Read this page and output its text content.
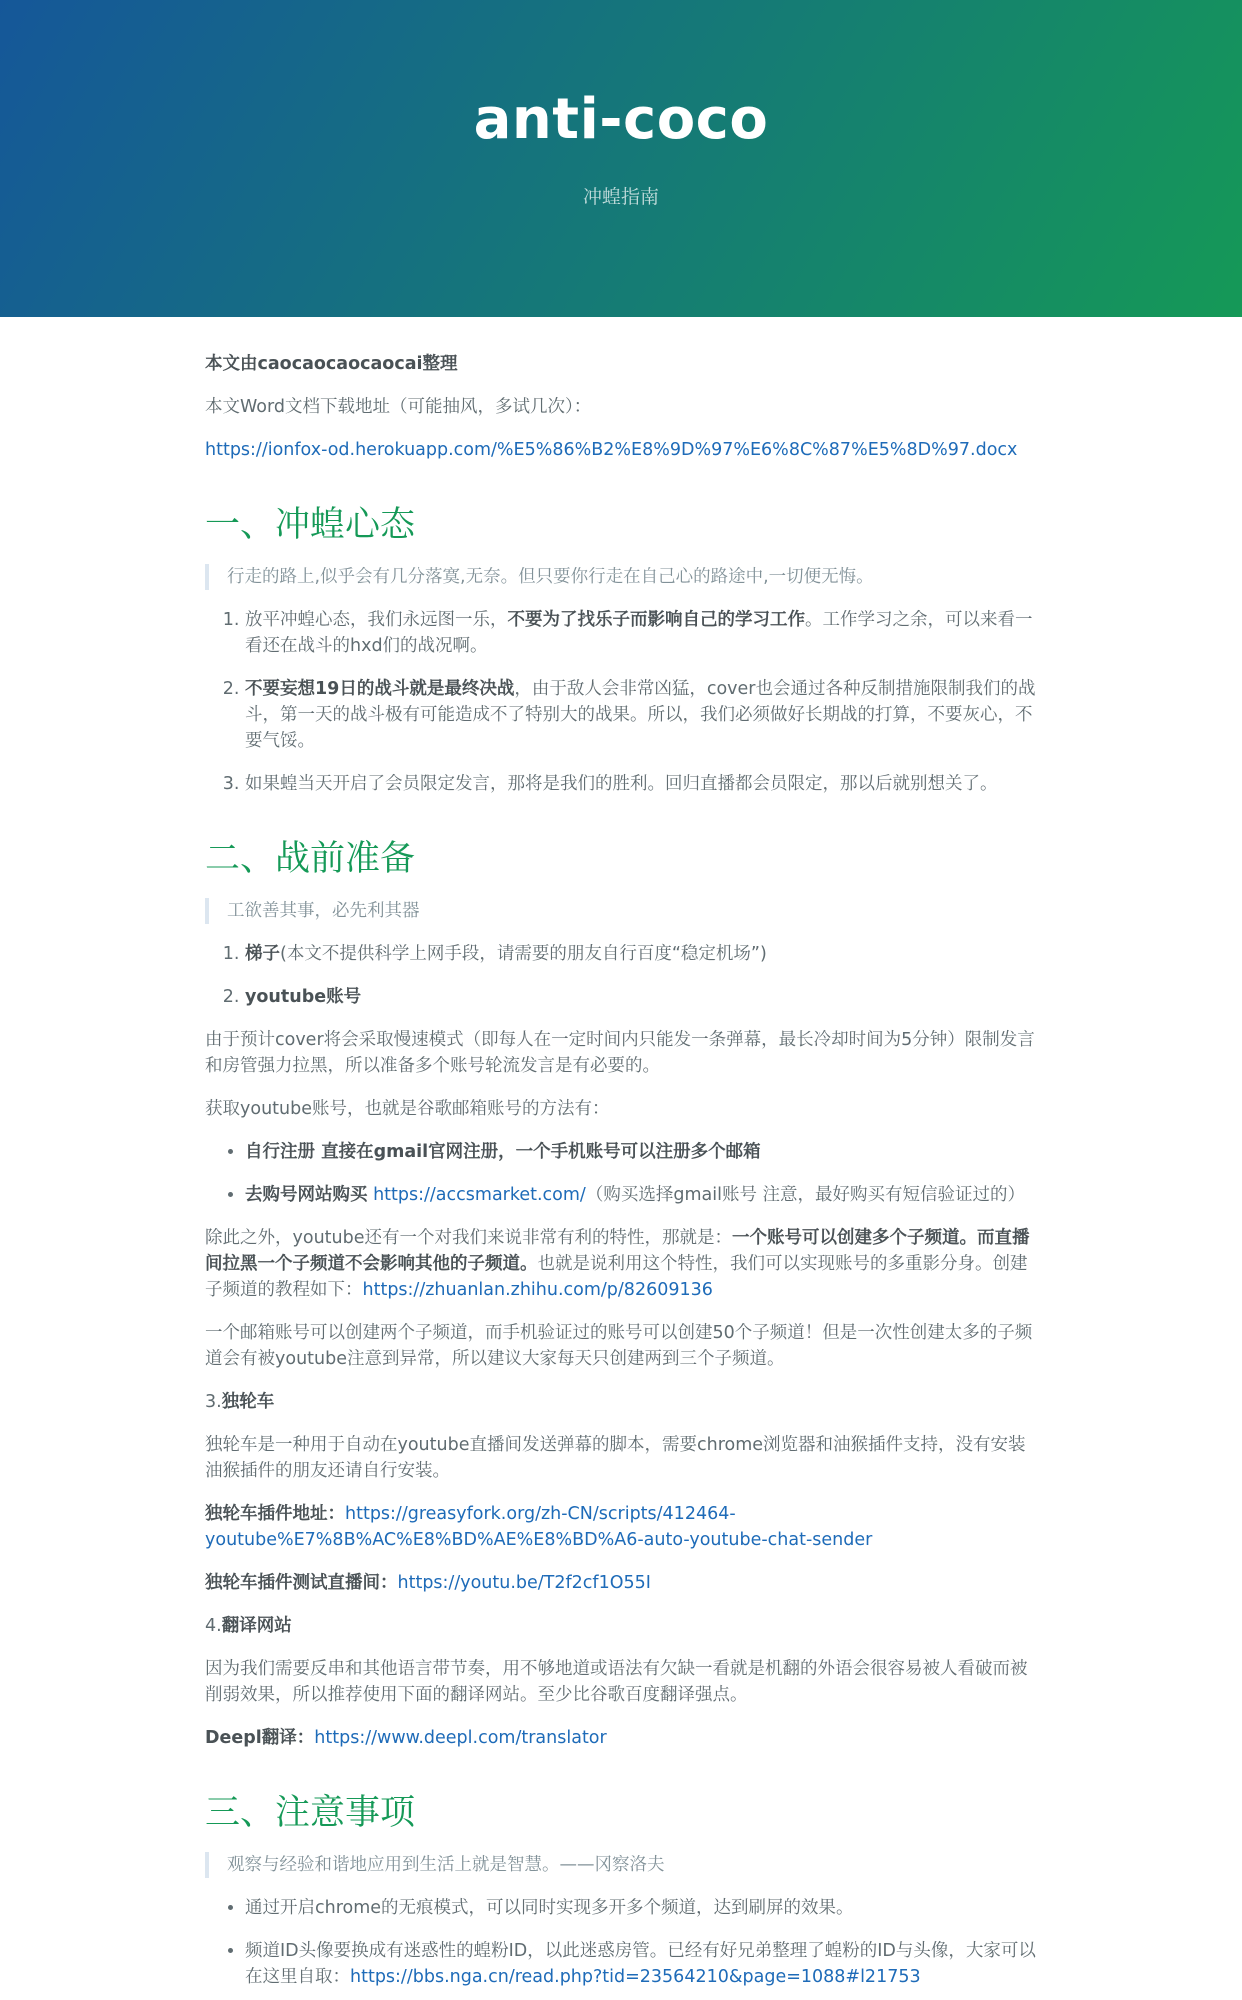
anti-coco
冲蝗指南

本文由caocaocaocaocai整理

本文Word文档下载地址（可能抽风，多试几次）：

https://ionfox-od.herokuapp.com/%E5%86%B2%E8%9D%97%E6%8C%87%E5%8D%97.docx

一、冲蝗心态
行走的路上,似乎会有几分落寞,无奈。但只要你行走在自己心的路途中,一切便无悔。
1. 放平冲蝗心态，我们永远图一乐，不要为了找乐子而影响自己的学习工作。工作学习之余，可以来看一看还在战斗的hxd们的战况啊。
2. 不要妄想19日的战斗就是最终决战，由于敌人会非常凶猛，cover也会通过各种反制措施限制我们的战斗，第一天的战斗极有可能造成不了特别大的战果。所以，我们必须做好长期战的打算，不要灰心，不要气馁。
3. 如果蝗当天开启了会员限定发言，那将是我们的胜利。回归直播都会员限定，那以后就别想关了。
二、战前准备
工欲善其事，必先利其器
1. 梯子(本文不提供科学上网手段，请需要的朋友自行百度“稳定机场”)
2. youtube账号

由于预计cover将会采取慢速模式（即每人在一定时间内只能发一条弹幕，最长冷却时间为5分钟）限制发言和房管强力拉黑，所以准备多个账号轮流发言是有必要的。

获取youtube账号，也就是谷歌邮箱账号的方法有：

• 自行注册 直接在gmail官网注册，一个手机账号可以注册多个邮箱
• 去购号网站购买 https://accsmarket.com/（购买选择gmail账号 注意，最好购买有短信验证过的）

除此之外，youtube还有一个对我们来说非常有利的特性，那就是：一个账号可以创建多个子频道。而直播间拉黑一个子频道不会影响其他的子频道。也就是说利用这个特性，我们可以实现账号的多重影分身。创建子频道的教程如下：https://zhuanlan.zhihu.com/p/82609136

一个邮箱账号可以创建两个子频道，而手机验证过的账号可以创建50个子频道！但是一次性创建太多的子频道会有被youtube注意到异常，所以建议大家每天只创建两到三个子频道。

3.独轮车

独轮车是一种用于自动在youtube直播间发送弹幕的脚本，需要chrome浏览器和油猴插件支持，没有安装油猴插件的朋友还请自行安装。

独轮车插件地址：https://greasyfork.org/zh-CN/scripts/412464-
youtube%E7%8B%AC%E8%BD%AE%E8%BD%A6-auto-youtube-chat-sender

独轮车插件测试直播间：https://youtu.be/T2f2cf1O55I

4.翻译网站

因为我们需要反串和其他语言带节奏，用不够地道或语法有欠缺一看就是机翻的外语会很容易被人看破而被削弱效果，所以推荐使用下面的翻译网站。至少比谷歌百度翻译强点。

Deepl翻译：https://www.deepl.com/translator

三、注意事项
观察与经验和谐地应用到生活上就是智慧。——冈察洛夫
• 通过开启chrome的无痕模式，可以同时实现多开多个频道，达到刷屏的效果。
• 频道ID头像要换成有迷惑性的蝗粉ID，以此迷惑房管。已经有好兄弟整理了蝗粉的ID与头像，大家可以在这里自取：https://bbs.nga.cn/read.php?tid=23564210&page=1088#l21753
